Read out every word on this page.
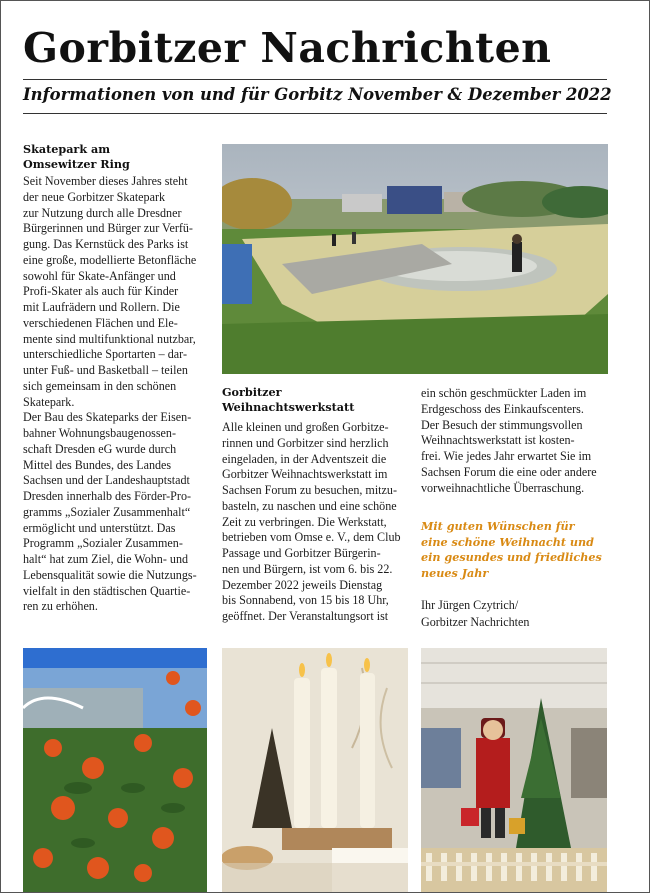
Gorbitzer Nachrichten
Informationen von und für Gorbitz November & Dezember 2022
Skatepark am
Omsewitzer Ring
Seit November dieses Jahres steht
der neue Gorbitzer Skatepark
zur Nutzung durch alle Dresdner
Bürgerinnen und Bürger zur Verfü-
gung. Das Kernstück des Parks ist
eine große, modellierte Betonfläche
sowohl für Skate-Anfänger und
Profi-Skater als auch für Kinder
mit Laufrädern und Rollern. Die
verschiedenen Flächen und Ele-
mente sind multifunktional nutzbar,
unterschiedliche Sportarten – dar-
unter Fuß- und Basketball – teilen
sich gemeinsam in den schönen
Skatepark.
Der Bau des Skateparks der Eisen-
bahner Wohnungsbaugenossen-
schaft Dresden eG wurde durch
Mittel des Bundes, des Landes
Sachsen und der Landeshauptstadt
Dresden innerhalb des Förder-Pro-
gramms „Sozialer Zusammenhalt“
ermöglicht und unterstützt. Das
Programm „Sozialer Zusammen-
halt“ hat zum Ziel, die Wohn- und
Lebensqualität sowie die Nutzungs-
vielfalt in den städtischen Quartie-
ren zu erhöhen.
Gorbitzer
Weihnachtswerkstatt
Alle kleinen und großen Gorbitze-
rinnen und Gorbitzer sind herzlich
eingeladen, in der Adventszeit die
Gorbitzer Weihnachtswerkstatt im
Sachsen Forum zu besuchen, mitzu-
basteln, zu naschen und eine schöne
Zeit zu verbringen. Die Werkstatt,
betrieben vom Omse e. V., dem Club
Passage und Gorbitzer Bürgerin-
nen und Bürgern, ist vom 6. bis 22.
Dezember 2022 jeweils Dienstag
bis Sonnabend, von 15 bis 18 Uhr,
geöffnet. Der Veranstaltungsort ist
ein schön geschmückter Laden im
Erdgeschoss des Einkaufscenters.
Der Besuch der stimmungsvollen
Weihnachtswerkstatt ist kosten-
frei. Wie jedes Jahr erwartet Sie im
Sachsen Forum die eine oder andere
vorweihnachtliche Überraschung.
Mit guten Wünschen für
eine schöne Weihnacht und
ein gesundes und friedliches
neues Jahr
Ihr Jürgen Czytrich/
Gorbitzer Nachrichten
